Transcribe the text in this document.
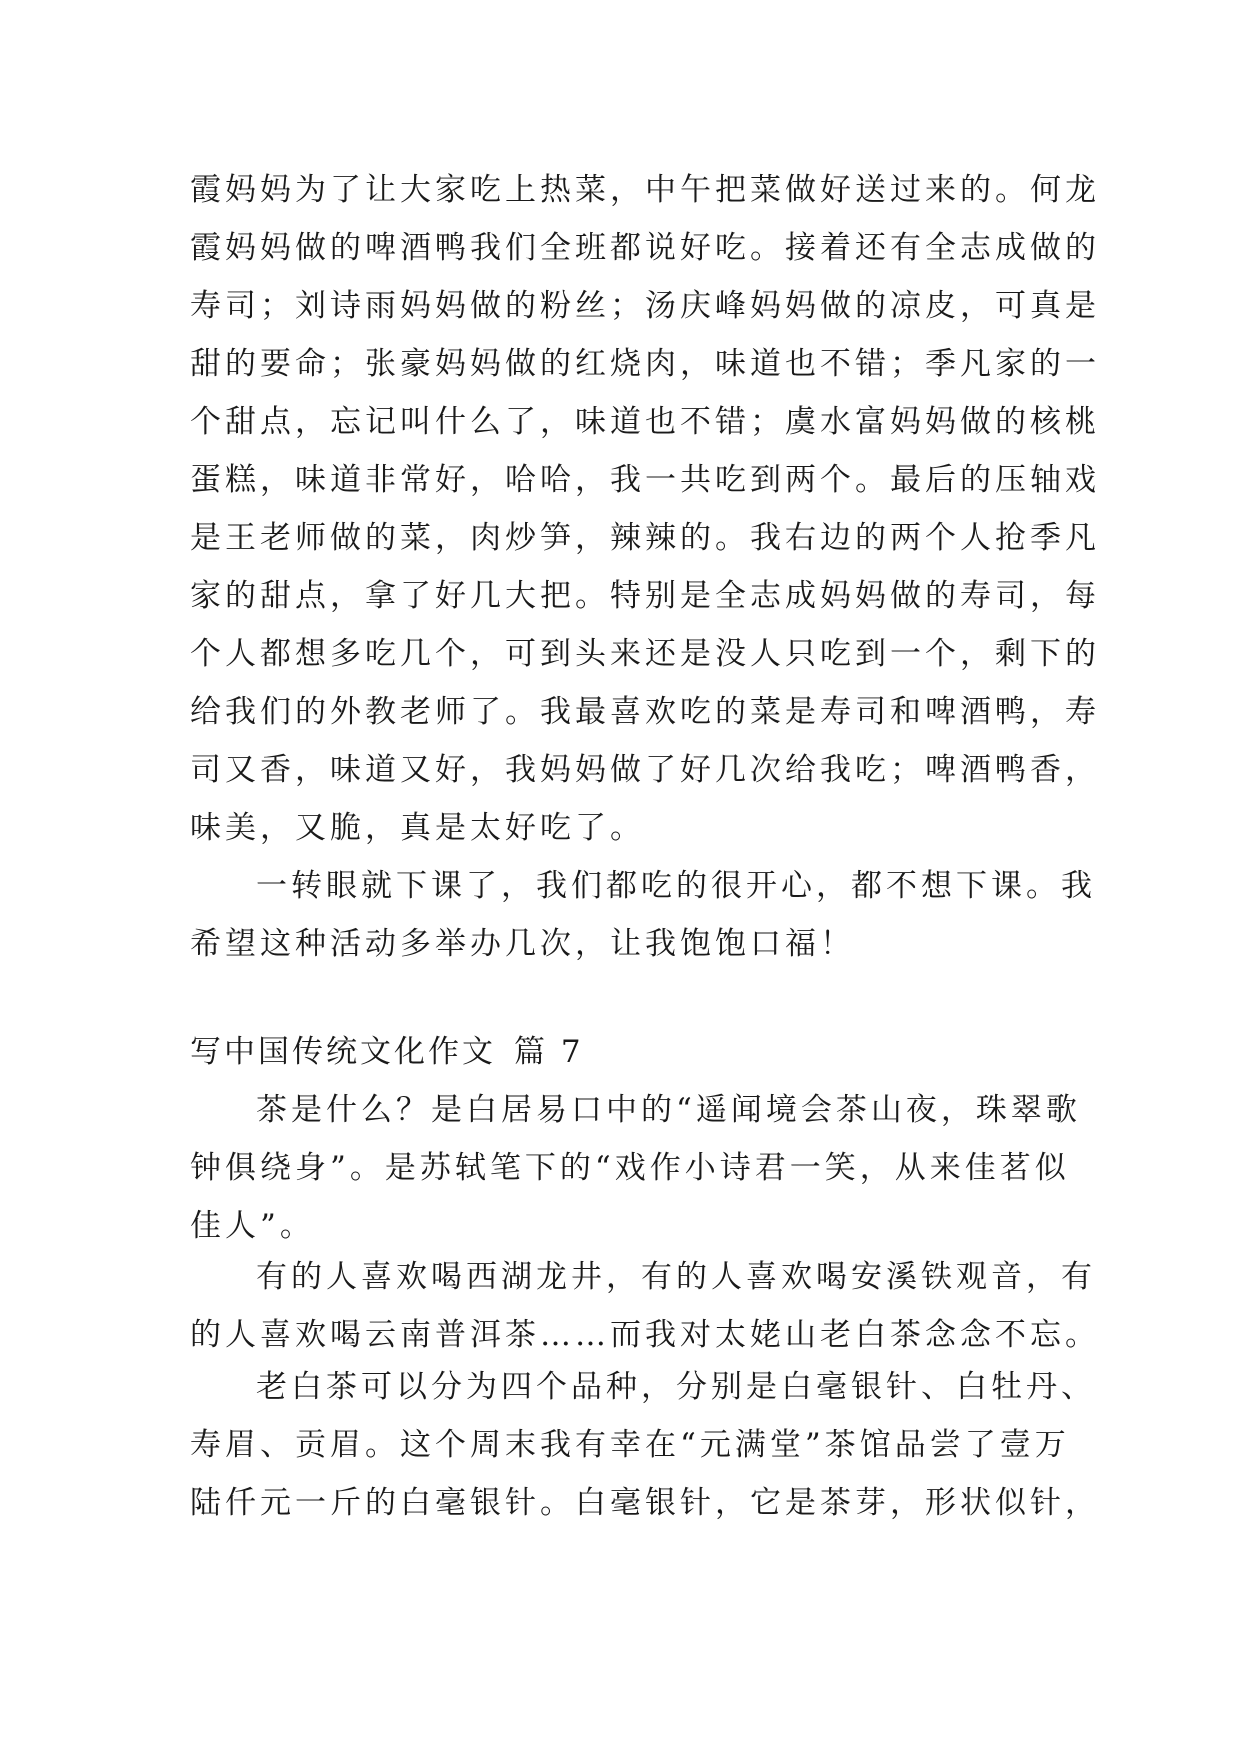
霞妈妈为了让大家吃上热菜，中午把菜做好送过来的。何龙

霞妈妈做的啤酒鸭我们全班都说好吃。接着还有全志成做的

寿司；刘诗雨妈妈做的粉丝；汤庆峰妈妈做的凉皮，可真是

甜的要命；张豪妈妈做的红烧肉，味道也不错；季凡家的一

个甜点，忘记叫什么了，味道也不错；虞水富妈妈做的核桃

蛋糕，味道非常好，哈哈，我一共吃到两个。最后的压轴戏

是王老师做的菜，肉炒笋，辣辣的。我右边的两个人抢季凡

家的甜点，拿了好几大把。特别是全志成妈妈做的寿司，每

个人都想多吃几个，可到头来还是没人只吃到一个，剩下的

给我们的外教老师了。我最喜欢吃的菜是寿司和啤酒鸭，寿

司又香，味道又好，我妈妈做了好几次给我吃；啤酒鸭香，

味美，又脆，真是太好吃了。

一转眼就下课了，我们都吃的很开心，都不想下课。我

希望这种活动多举办几次，让我饱饱口福！

写中国传统文化作文 篇 7

茶是什么？是白居易口中的“遥闻境会茶山夜，珠翠歌

钟俱绕身”。是苏轼笔下的“戏作小诗君一笑，从来佳茗似

佳人”。

有的人喜欢喝西湖龙井，有的人喜欢喝安溪铁观音，有

的人喜欢喝云南普洱茶……而我对太姥山老白茶念念不忘。

老白茶可以分为四个品种，分别是白毫银针、白牡丹、

寿眉、贡眉。这个周末我有幸在“元满堂”茶馆品尝了壹万

陆仟元一斤的白毫银针。白毫银针，它是茶芽，形状似针，
